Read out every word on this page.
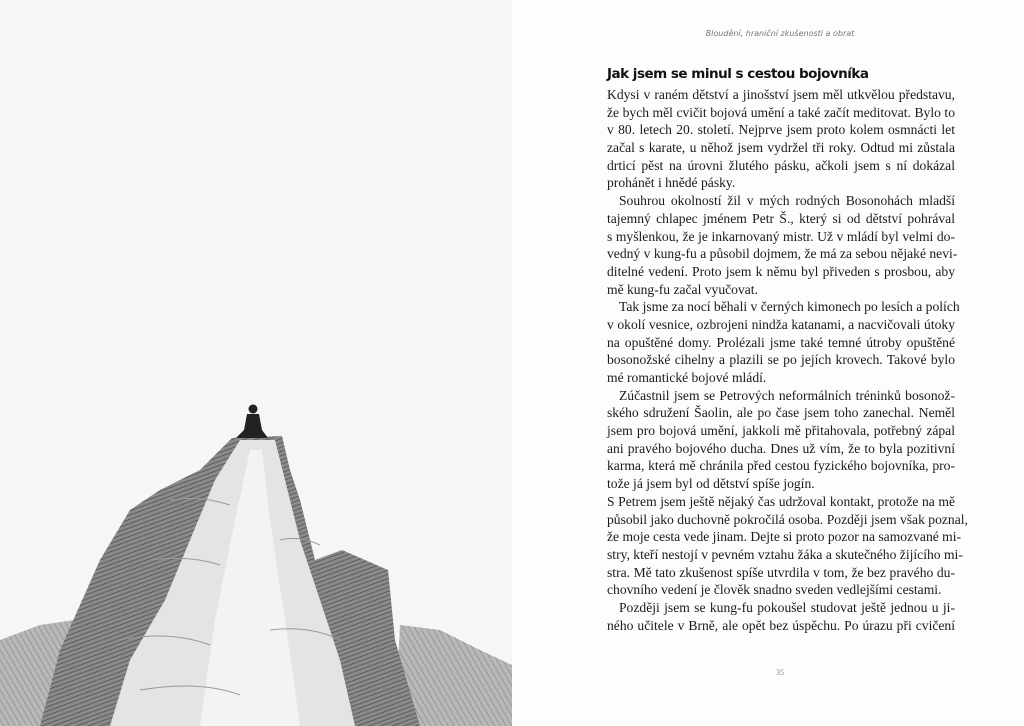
Bloudění, hraniční zkušenosti a obrat
Jak jsem se minul s cestou bojovníka
Kdysi v raném dětství a jinošství jsem měl utkvělou představu,
že bych měl cvičit bojová umění a také začít meditovat. Bylo to
v 80. letech 20. století. Nejprve jsem proto kolem osmnácti let
začal s karate, u něhož jsem vydržel tři roky. Odtud mi zůstala
drticí pěst na úrovni žlutého pásku, ačkoli jsem s ní dokázal
prohánět i hnědé pásky.
Souhrou okolností žil v mých rodných Bosonohách mladší
tajemný chlapec jménem Petr Š., který si od dětství pohrával
s myšlenkou, že je inkarnovaný mistr. Už v mládí byl velmi do-
vedný v kung-fu a působil dojmem, že má za sebou nějaké nevi-
ditelné vedení. Proto jsem k němu byl přiveden s prosbou, aby
mě kung-fu začal vyučovat.
Tak jsme za nocí běhali v černých kimonech po lesích a polích
v okolí vesnice, ozbrojeni nindža katanami, a nacvičovali útoky
na opuštěné domy. Prolézali jsme také temné útroby opuštěné
bosonožské cihelny a plazili se po jejích krovech. Takové bylo
mé romantické bojové mládí.
Zúčastnil jsem se Petrových neformálních tréninků bosonož-
ského sdružení Šaolin, ale po čase jsem toho zanechal. Neměl
jsem pro bojová umění, jakkoli mě přitahovala, potřebný zápal
ani pravého bojového ducha. Dnes už vím, že to byla pozitivní
karma, která mě chránila před cestou fyzického bojovníka, pro-
tože já jsem byl od dětství spíše jogín.
S Petrem jsem ještě nějaký čas udržoval kontakt, protože na mě
působil jako duchovně pokročilá osoba. Později jsem však poznal,
že moje cesta vede jinam. Dejte si proto pozor na samozvané mi-
stry, kteří nestojí v pevném vztahu žáka a skutečného žijícího mi-
stra. Mě tato zkušenost spíše utvrdila v tom, že bez pravého du-
chovního vedení je člověk snadno sveden vedlejšími cestami.
Později jsem se kung-fu pokoušel studovat ještě jednou u ji-
ného učitele v Brně, ale opět bez úspěchu. Po úrazu při cvičení
35
